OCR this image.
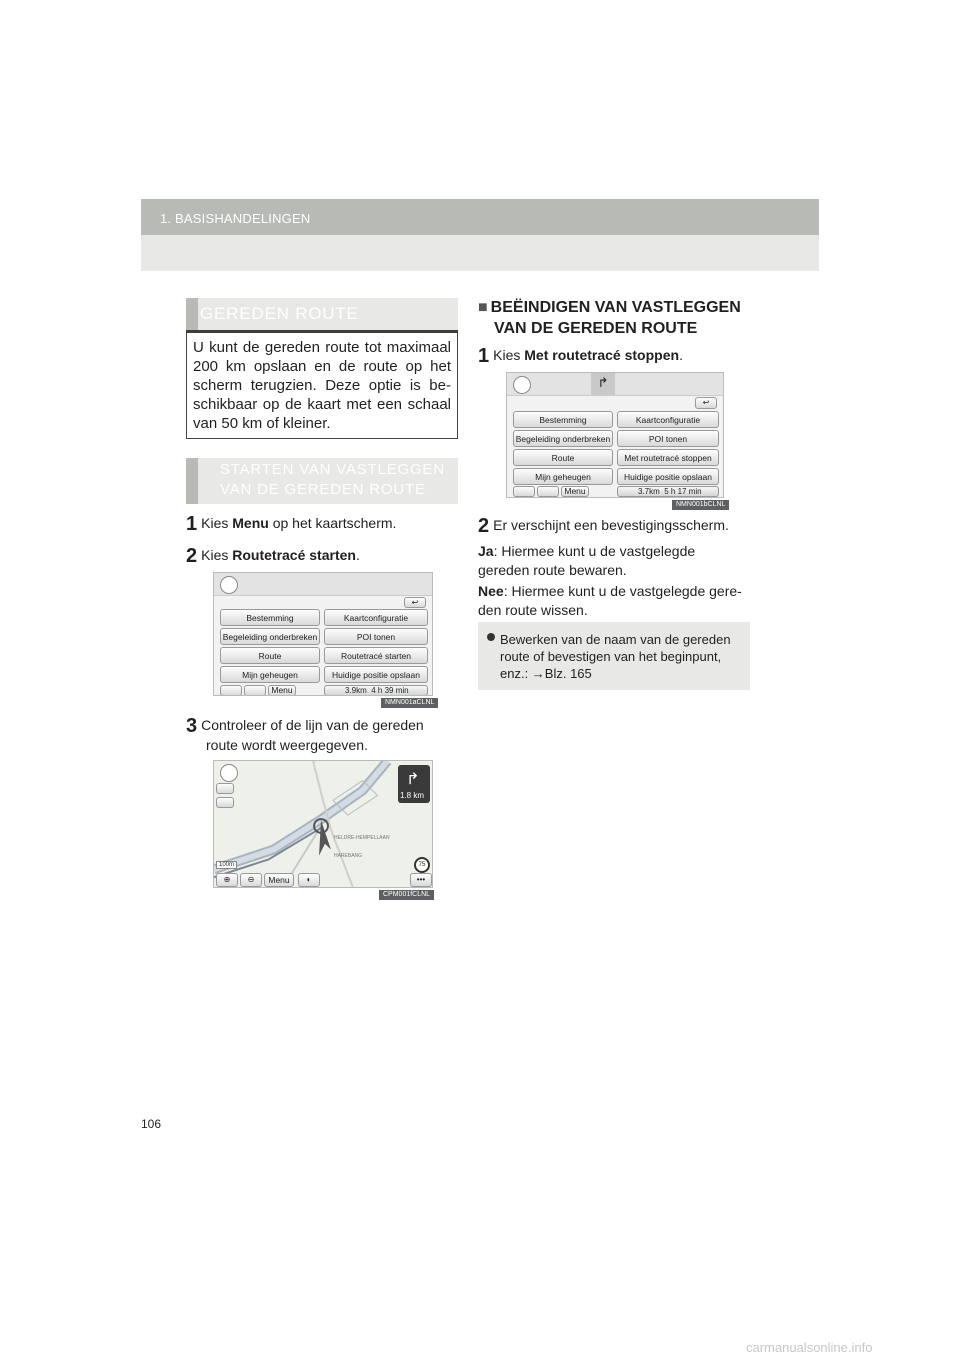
1. BASISHANDELINGEN
GEREDEN ROUTE
U kunt de gereden route tot maximaal 200 km opslaan en de route op het scherm terugzien. Deze optie is be-schikbaar op de kaart met een schaal van 50 km of kleiner.
STARTEN VAN VASTLEGGEN
VAN DE GEREDEN ROUTE
1 Kies Menu op het kaartscherm.
2 Kies Routetracé starten.
Bestemming	Kaartconfiguratie
Begeleiding onderbreken	POI tonen
Route	Routetracé starten
Mijn geheugen	Huidige positie opslaan
↩
Menu	3.9km 4 h 39 min
NMN001aCLNL
3 Controleer of de lijn van de gereden
route wordt weergegeven.
↱
1.8 km
HELDRE-HEMPELLAAN
HAREBANG
100m	75
⊕	⊖	Menu	◐	•••
CPM001fCLNL
■ BEËINDIGEN VAN VASTLEGGEN
VAN DE GEREDEN ROUTE
1 Kies Met routetracé stoppen.
↱
Bestemming	Kaartconfiguratie
Begeleiding onderbreken	POI tonen
Route	Met routetracé stoppen
Mijn geheugen	Huidige positie opslaan
↩
Menu	3.7km 5 h 17 min
NMN001bCLNL
2 Er verschijnt een bevestigingsscherm.
Ja: Hiermee kunt u de vastgelegde gereden route bewaren.
Nee: Hiermee kunt u de vastgelegde gere-den route wissen.
Bewerken van de naam van de gereden route of bevestigen van het beginpunt, enz.: →Blz. 165
106
carmanualsonline.info
